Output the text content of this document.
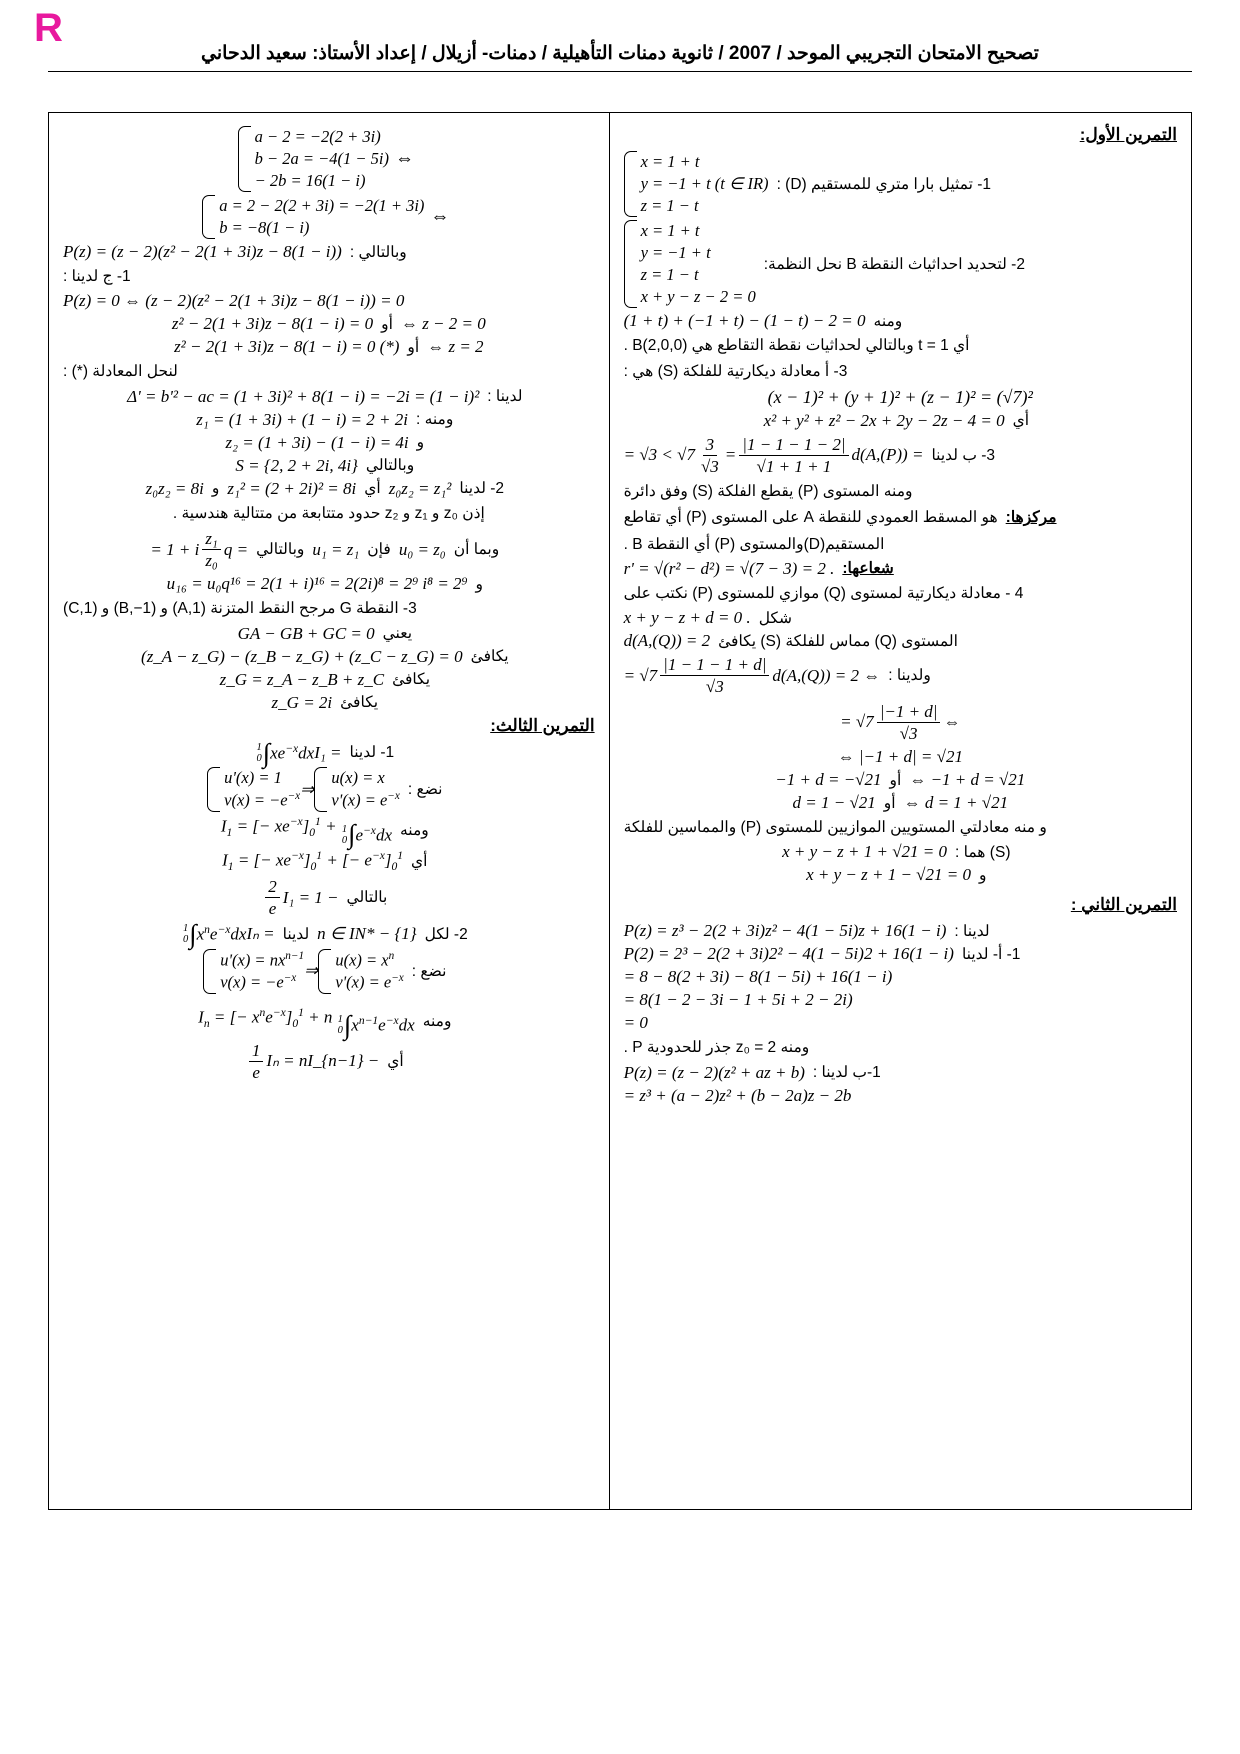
R
تصحيح الامتحان التجريبي الموحد / 2007 / ثانوية دمنات التأهيلية / دمنات- أزيلال / إعداد الأستاذ: سعيد الدحاني
التمرين الأول:
1- تمثيل بارا متري للمستقيم (D) :
x = 1 + t
y = −1 + t (t ∈ IR)
z = 1 − t
2- لتحديد احداثياث النقطة B نحل النظمة:
x = 1 + t
y = −1 + t
z = 1 − t
x + y − z − 2 = 0
ومنه
(1 + t) + (−1 + t) − (1 − t) − 2 = 0
أي t = 1 وبالتالي لحداثيات نقطة التقاطع هي B(2,0,0) .
3- أ معادلة ديكارتية للفلكة (S) هي :
(x − 1)² + (y + 1)² + (z − 1)² = (√7)²
أي
x² + y² + z² − 2x + 2y − 2z − 4 = 0
3- ب لدينا
d(A,(P)) =
$\frac{|1 - 1 - 1 - 2|}{√1 + 1 + 1}$
=
$\frac{3}{√3}$
= √3 < √7
ومنه المستوى (P) يقطع الفلكة (S) وفق دائرة
مركزها:
هو المسقط العمودي للنقطة A على المستوى (P) أي تقاطع
المستقيم(D)والمستوى (P) أي النقطة B .
شعاعها:
r' = √(r² − d²) = √(7 − 3) = 2 .
4 - معادلة ديكارتية لمستوى (Q) موازي للمستوى (P) نكتب على
شكل
x + y − z + d = 0 .
المستوى (Q) مماس للفلكة (S) يكافئ
d(A,(Q)) = 2
ولدينا :
d(A,(Q)) = 2 ⇔
$\frac{|1 - 1 - 1 + d|}{√3}$
= √7
⇔
$\frac{|-1 + d|}{√3}$
= √7
⇔ |−1 + d| = √21
⇔ −1 + d = √21
أو
−1 + d = −√21
⇔ d = 1 + √21
أو
d = 1 − √21
و منه معادلتي المستويين الموازيين للمستوى (P) والمماسين للفلكة
(S) هما :
x + y − z + 1 + √21 = 0
و
x + y − z + 1 − √21 = 0
التمرين الثاني :
لدينا :
P(z) = z³ − 2(2 + 3i)z² − 4(1 − 5i)z + 16(1 − i)
1- أ- لدينا
P(2) = 2³ − 2(2 + 3i)2² − 4(1 − 5i)2 + 16(1 − i)
= 8 − 8(2 + 3i) − 8(1 − 5i) + 16(1 − i)
= 8(1 − 2 − 3i − 1 + 5i + 2 − 2i)
= 0
ومنه z₀ = 2 جذر للحدودية P .
1-ب لدينا :
P(z) = (z − 2)(z² + az + b)
= z³ + (a − 2)z² + (b − 2a)z − 2b
⇔
a − 2 = −2(2 + 3i)
b − 2a = −4(1 − 5i)
− 2b = 16(1 − i)
⇔
a = 2 − 2(2 + 3i) = −2(1 + 3i)
b = −8(1 − i)
وبالتالي :
P(z) = (z − 2)(z² − 2(1 + 3i)z − 8(1 − i))
1- ج لدينا :
P(z) = 0 ⇔ (z − 2)(z² − 2(1 + 3i)z − 8(1 − i)) = 0
⇔ z − 2 = 0
أو
z² − 2(1 + 3i)z − 8(1 − i) = 0
⇔ z = 2
أو
z² − 2(1 + 3i)z − 8(1 − i) = 0 (*)
لنحل المعادلة (*) :
لدينا :
Δ' = b'² − ac = (1 + 3i)² + 8(1 − i) = −2i = (1 − i)²
ومنه :
z₁ = (1 + 3i) + (1 − i) = 2 + 2i
و
z₂ = (1 + 3i) − (1 − i) = 4i
وبالتالي
S = {2, 2 + 2i, 4i}
2- لدينا
z₀z₂ = z₁²
أي
z₁² = (2 + 2i)² = 8i
و
z₀z₂ = 8i
إذن z₀ و z₁ و z₂ حدود متتابعة من متتالية هندسية .
وبما أن
u₀ = z₀
فإن
u₁ = z₁
وبالتالي
q =
$\frac{\text{z₁}}{\text{z₀}}$
= 1 + i
و
u₁₆ = u₀q¹⁶ = 2(1 + i)¹⁶ = 2(2i)⁸ = 2⁹ i⁸ = 2⁹
3- النقطة G مرجح النقط المتزنة (A,1) و (B,−1) و (C,1)
يعني
GA − GB + GC = 0
يكافئ
(z_A − z_G) − (z_B − z_G) + (z_C − z_G) = 0
يكافئ
z_G = z_A − z_B + z_C
يكافئ
z_G = 2i
التمرين الثالث:
1- لدينا
I₁ =
1
0 ∫ $xe^{-x}dx$
نضع :
u(x) = x
$v'(x) = e^{-x}$
⇒
u'(x) = 1
$v(x) = -e^{-x}$
ومنه
$I_1$ = [− $xe^{-x}]_0^1 + 1$
0 ∫ $e^{-x}dx$
أي
$I_1$ = [− $xe^{-x}]_0^1$ + [− $e^{-x}]_0^1$
بالتالي
I₁ = 1 −
$\frac{2}{e}$
2- لكل
n ∈ IN* − {1}
لدينا
Iₙ =
1
0 ∫ $x^ne^{-x}dx$
نضع :
$u(x) = x^n$
$v'(x) = e^{-x}$
⇒
$u'(x) = nx^{n-1}$
$v(x) = -e^{-x}$
ومنه
$I_n$ = [− $x^ne^{-x}]_0^1 + n$ 1
0 ∫ $x^{n-1}e^{-x}dx$
أي
Iₙ = nI_{n−1} −
$\frac{1}{e}$
